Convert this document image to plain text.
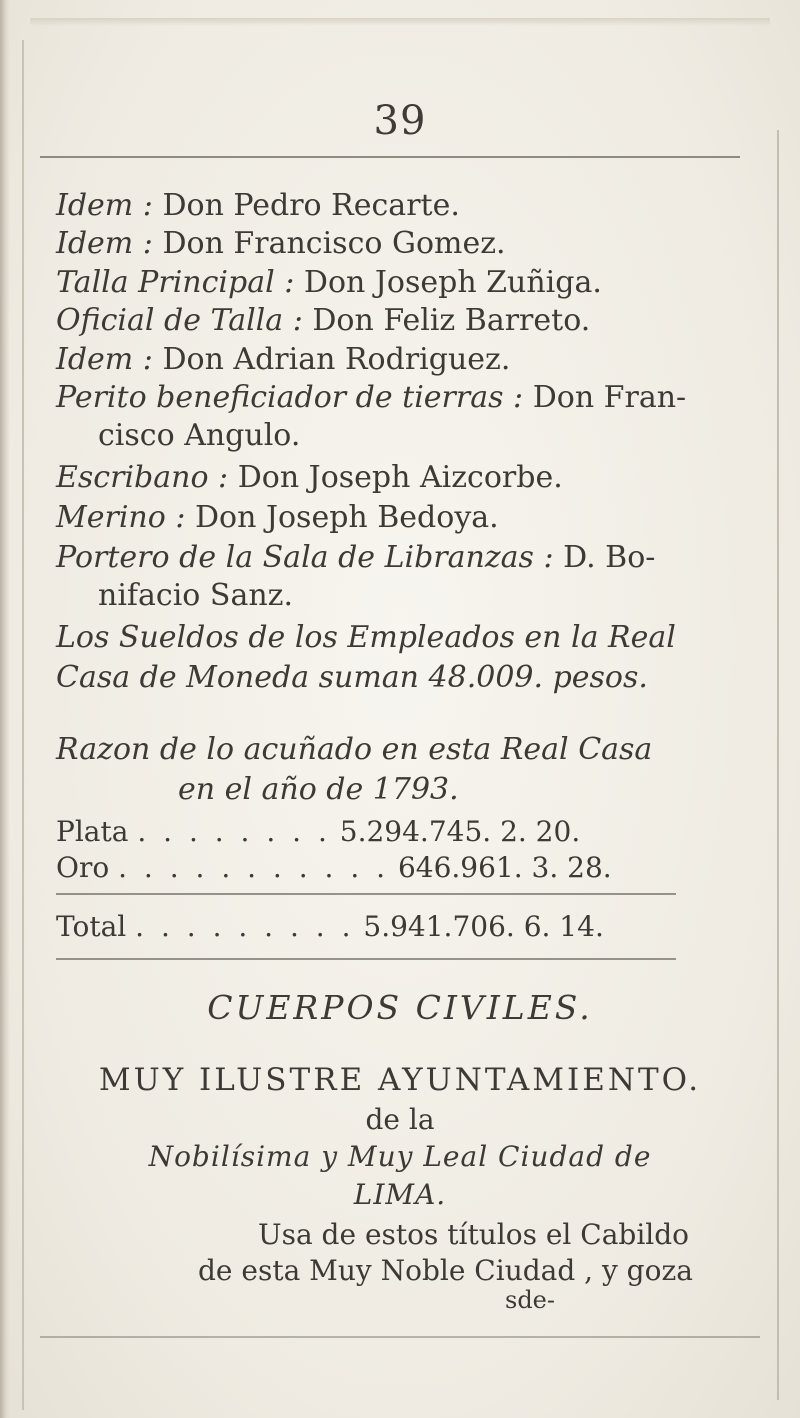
39
Idem : Don Pedro Recarte.
Idem : Don Francisco Gomez.
Talla Principal : Don Joseph Zuñiga.
Oficial de Talla : Don Feliz Barreto.
Idem : Don Adrian Rodriguez.
Perito beneficiador de tierras : Don Fran-
cisco Angulo.
Escribano : Don Joseph Aizcorbe.
Merino : Don Joseph Bedoya.
Portero de la Sala de Libranzas : D. Bo-
nifacio Sanz.
Los Sueldos de los Empleados en la Real
Casa de Moneda suman 48.009. pesos.
Razon de lo acuñado en esta Real Casa
en el año de 1793.
Plata . . . . . . . . 5.294.745. 2. 20.
Oro . . . . . . . . . . . 646.961. 3. 28.
Total . . . . . . . . . 5.941.706. 6. 14.
CUERPOS CIVILES.
MUY ILUSTRE AYUNTAMIENTO.
de la
Nobilísima y Muy Leal Ciudad de
LIMA.
Usa de estos títulos el Cabildo
de esta Muy Noble Ciudad , y goza
sde-
